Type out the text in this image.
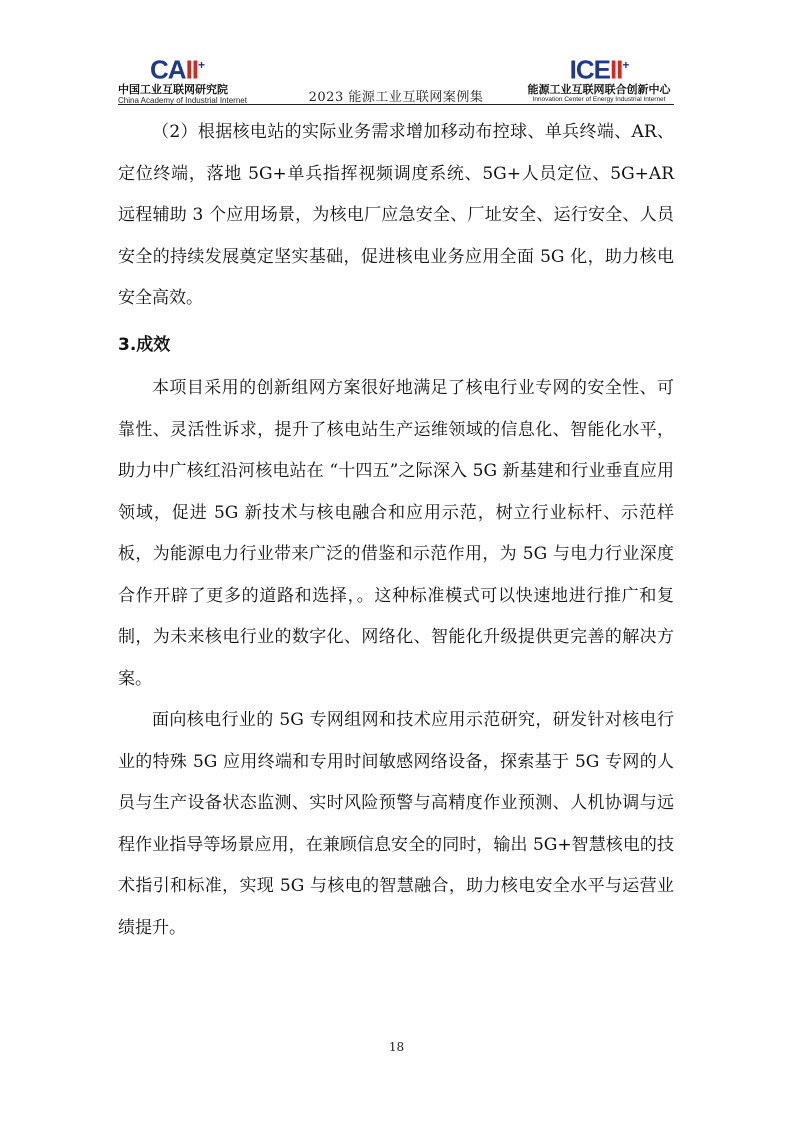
CAII+
中国工业互联网研究院
China Academy of Industrial Internet	2023 能源工业互联网案例集
ICEII+
能源工业互联网联合创新中心
Innovation Center of Energy Industrial Internet

（2）根据核电站的实际业务需求增加移动布控球、单兵终端、AR、定位终端，落地 5G+单兵指挥视频调度系统、5G+人员定位、5G+AR 远程辅助 3 个应用场景，为核电厂应急安全、厂址安全、运行安全、人员安全的持续发展奠定坚实基础，促进核电业务应用全面 5G 化，助力核电安全高效。

3.成效

本项目采用的创新组网方案很好地满足了核电行业专网的安全性、可靠性、灵活性诉求，提升了核电站生产运维领域的信息化、智能化水平，助力中广核红沿河核电站在 “十四五”之际深入 5G 新基建和行业垂直应用领域，促进 5G 新技术与核电融合和应用示范，树立行业标杆、示范样板，为能源电力行业带来广泛的借鉴和示范作用，为 5G 与电力行业深度合作开辟了更多的道路和选择，。这种标准模式可以快速地进行推广和复制，为未来核电行业的数字化、网络化、智能化升级提供更完善的解决方案。

面向核电行业的 5G 专网组网和技术应用示范研究，研发针对核电行业的特殊 5G 应用终端和专用时间敏感网络设备，探索基于 5G 专网的人员与生产设备状态监测、实时风险预警与高精度作业预测、人机协调与远程作业指导等场景应用，在兼顾信息安全的同时，输出 5G+智慧核电的技术指引和标准，实现 5G 与核电的智慧融合，助力核电安全水平与运营业绩提升。

18
